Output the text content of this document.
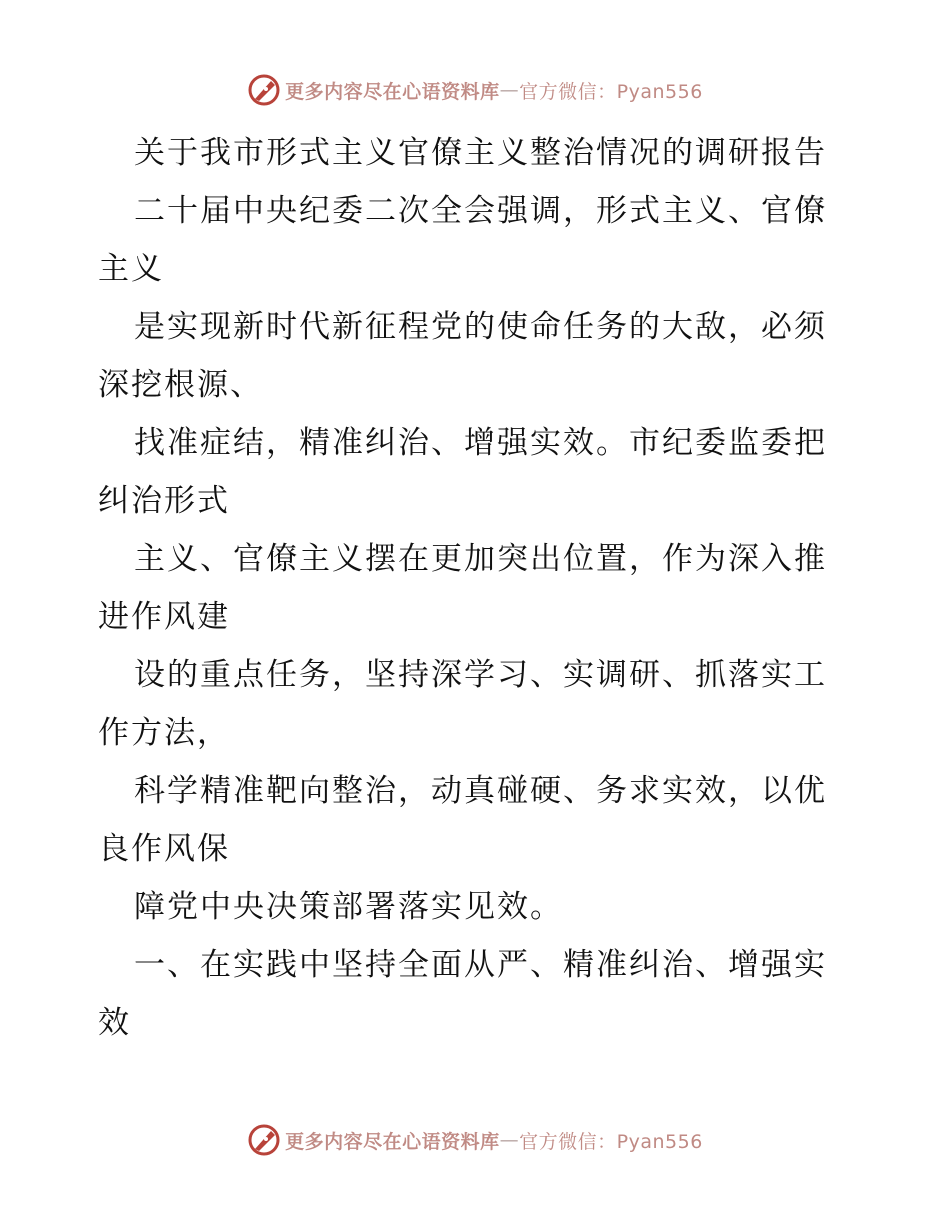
更多内容尽在心语资料库 — 官方微信：Pyan556

关于我市形式主义官僚主义整治情况的调研报告

二十届中央纪委二次全会强调，形式主义、官僚主义

是实现新时代新征程党的使命任务的大敌，必须深挖根源、

找准症结，精准纠治、增强实效。市纪委监委把纠治形式

主义、官僚主义摆在更加突出位置，作为深入推进作风建

设的重点任务，坚持深学习、实调研、抓落实工作方法，

科学精准靶向整治，动真碰硬、务求实效，以优良作风保

障党中央决策部署落实见效。

一、在实践中坚持全面从严、精准纠治、增强实效

更多内容尽在心语资料库 — 官方微信：Pyan556
